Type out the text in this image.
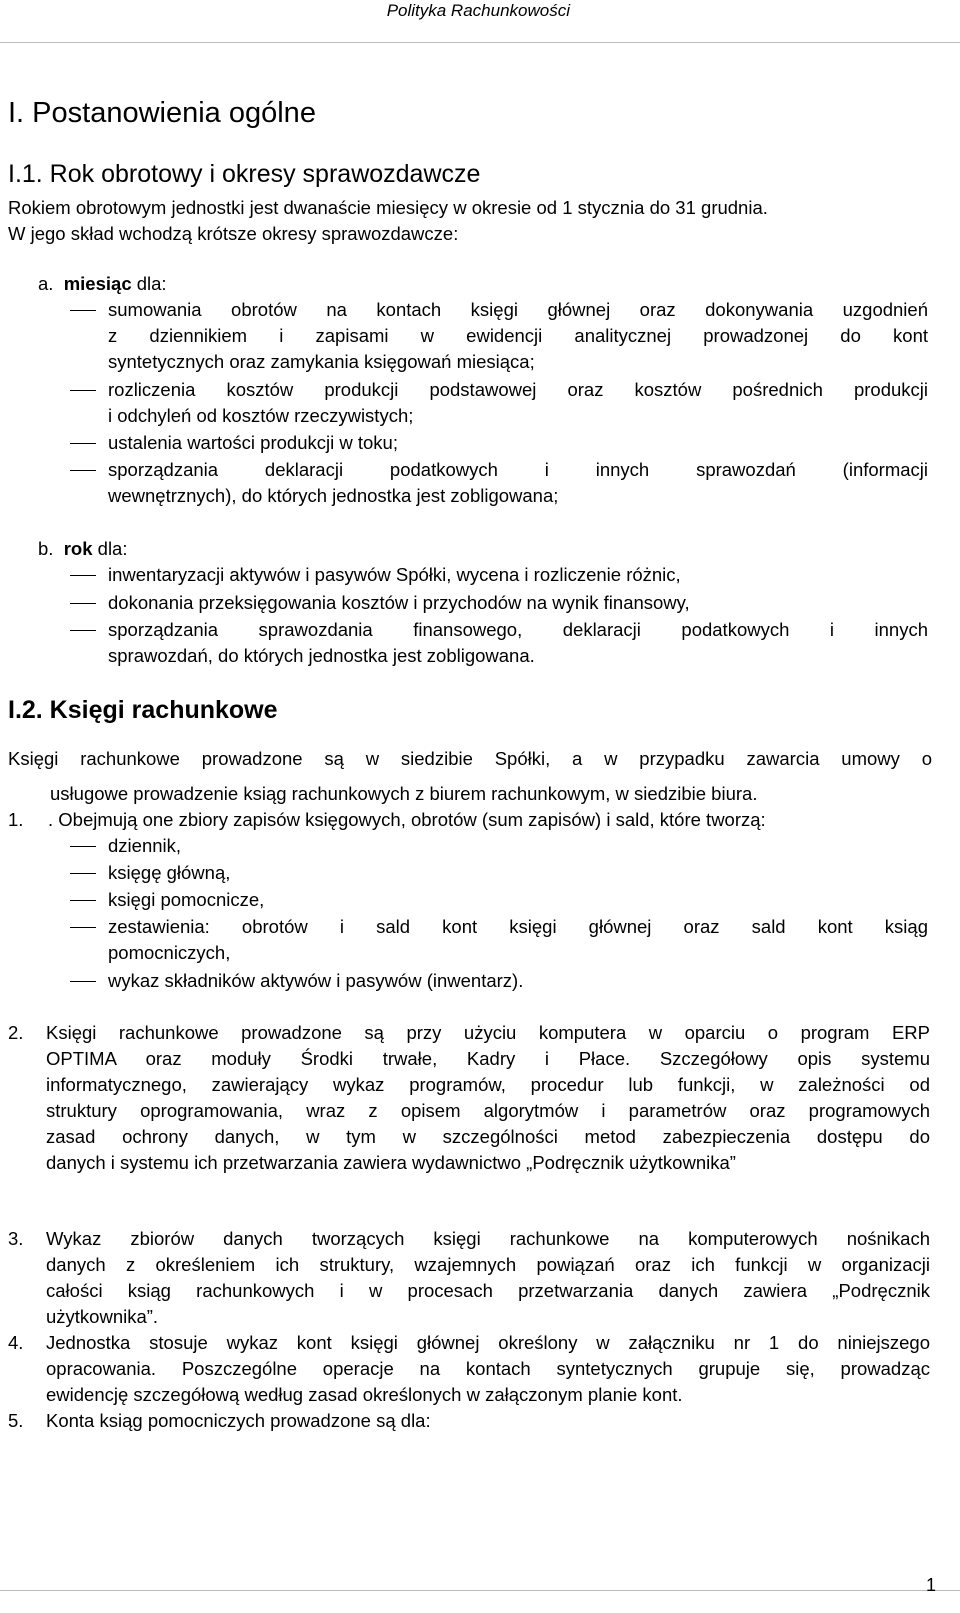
Polityka Rachunkowości
I. Postanowienia ogólne
I.1. Rok obrotowy i okresy sprawozdawcze
Rokiem obrotowym jednostki jest dwanaście miesięcy w okresie od 1 stycznia do 31 grudnia.
W jego skład wchodzą krótsze okresy sprawozdawcze:
a. miesiąc dla:
sumowania obrotów na kontach księgi głównej oraz dokonywania uzgodnień
z dziennikiem i zapisami w ewidencji analitycznej prowadzonej do kont
syntetycznych oraz zamykania księgowań miesiąca;
rozliczenia kosztów produkcji podstawowej oraz kosztów pośrednich produkcji
i odchyleń od kosztów rzeczywistych;
ustalenia wartości produkcji w toku;
sporządzania deklaracji podatkowych i innych sprawozdań (informacji
wewnętrznych), do których jednostka jest zobligowana;
b. rok dla:
inwentaryzacji aktywów i pasywów Spółki, wycena i rozliczenie różnic,
dokonania przeksięgowania kosztów i przychodów na wynik finansowy,
sporządzania sprawozdania finansowego, deklaracji podatkowych i innych
sprawozdań, do których jednostka jest zobligowana.
I.2. Księgi rachunkowe
Księgi rachunkowe prowadzone są w siedzibie Spółki, a w przypadku zawarcia umowy o
usługowe prowadzenie ksiąg rachunkowych z biurem rachunkowym, w siedzibie biura.
1. . Obejmują one zbiory zapisów księgowych, obrotów (sum zapisów) i sald, które tworzą:
dziennik,
księgę główną,
księgi pomocnicze,
zestawienia: obrotów i sald kont księgi głównej oraz sald kont ksiąg
pomocniczych,
wykaz składników aktywów i pasywów (inwentarz).
2. Księgi rachunkowe prowadzone są przy użyciu komputera w oparciu o program ERP
OPTIMA oraz moduły Środki trwałe, Kadry i Płace. Szczegółowy opis systemu
informatycznego, zawierający wykaz programów, procedur lub funkcji, w zależności od
struktury oprogramowania, wraz z opisem algorytmów i parametrów oraz programowych
zasad ochrony danych, w tym w szczególności metod zabezpieczenia dostępu do
danych i systemu ich przetwarzania zawiera wydawnictwo „Podręcznik użytkownika”
3. Wykaz zbiorów danych tworzących księgi rachunkowe na komputerowych nośnikach
danych z określeniem ich struktury, wzajemnych powiązań oraz ich funkcji w organizacji
całości ksiąg rachunkowych i w procesach przetwarzania danych zawiera „Podręcznik
użytkownika”.
4. Jednostka stosuje wykaz kont księgi głównej określony w załączniku nr 1 do niniejszego
opracowania. Poszczególne operacje na kontach syntetycznych grupuje się, prowadząc
ewidencję szczegółową według zasad określonych w załączonym planie kont.
5. Konta ksiąg pomocniczych prowadzone są dla:
1
